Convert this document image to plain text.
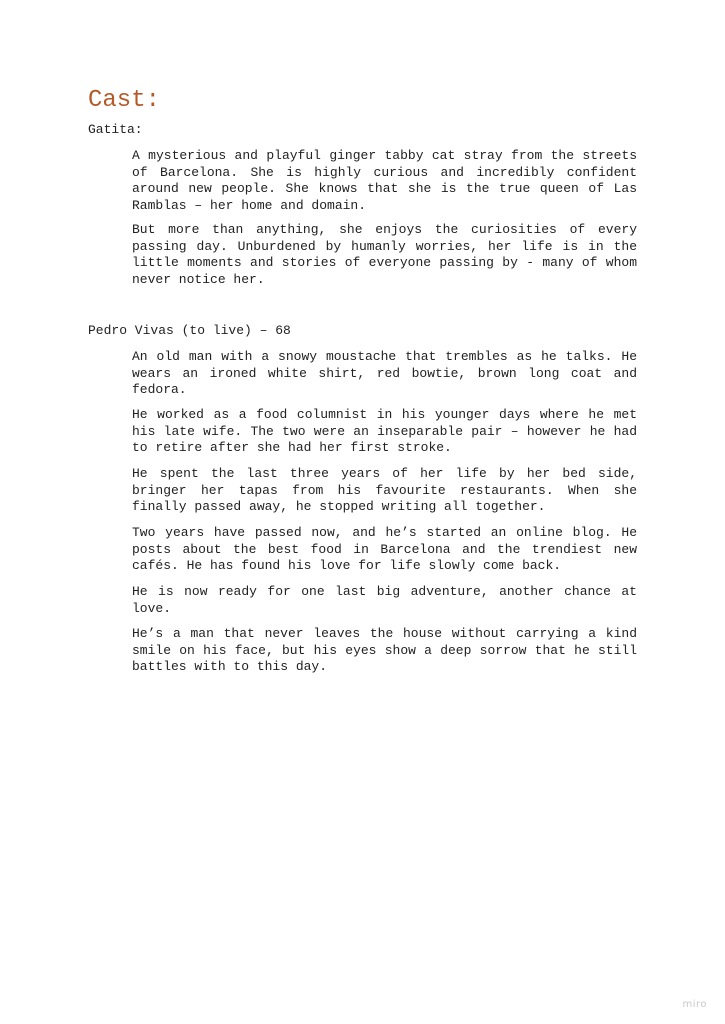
Cast:

Gatita:

A mysterious and playful ginger tabby cat stray from the streets of Barcelona. She is highly curious and incredibly confident around new people. She knows that she is the true queen of Las Ramblas – her home and domain.

But more than anything, she enjoys the curiosities of every passing day. Unburdened by humanly worries, her life is in the little moments and stories of everyone passing by - many of whom never notice her.

Pedro Vivas (to live) – 68

An old man with a snowy moustache that trembles as he talks. He wears an ironed white shirt, red bowtie, brown long coat and fedora.

He worked as a food columnist in his younger days where he met his late wife. The two were an inseparable pair – however he had to retire after she had her first stroke.

He spent the last three years of her life by her bed side, bringer her tapas from his favourite restaurants. When she finally passed away, he stopped writing all together.

Two years have passed now, and he’s started an online blog. He posts about the best food in Barcelona and the trendiest new cafés. He has found his love for life slowly come back.

He is now ready for one last big adventure, another chance at love.

He’s a man that never leaves the house without carrying a kind smile on his face, but his eyes show a deep sorrow that he still battles with to this day.

miro
